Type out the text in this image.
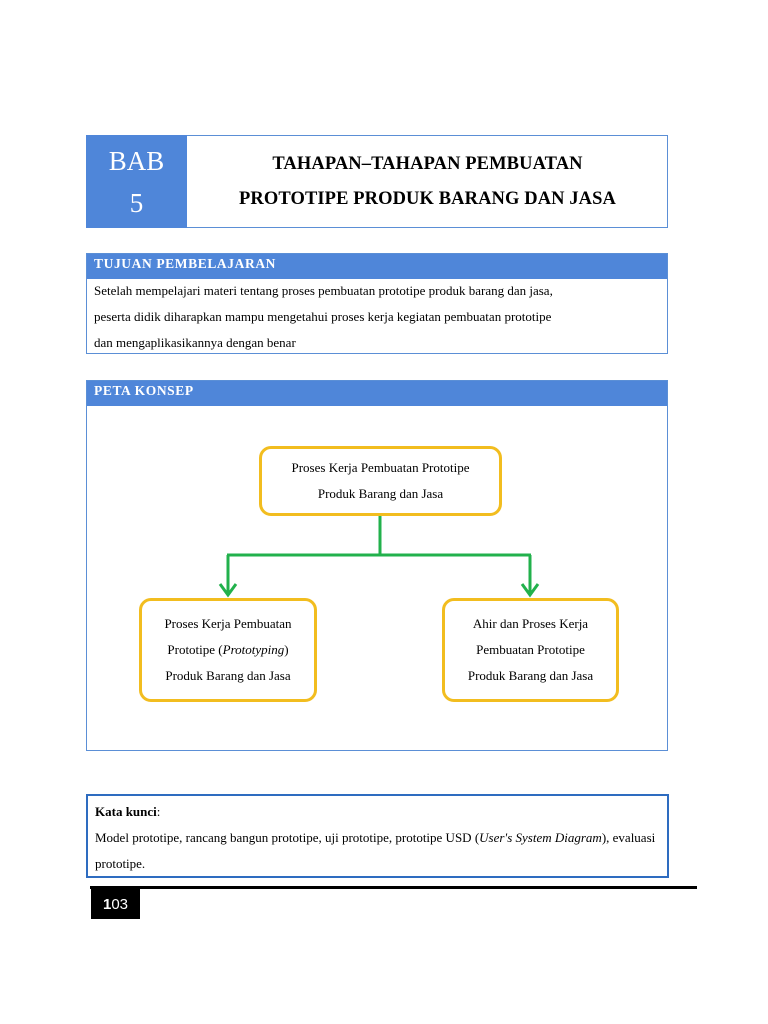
BAB
5
TAHAPAN–TAHAPAN PEMBUATAN
PROTOTIPE PRODUK BARANG DAN JASA
TUJUAN PEMBELAJARAN
Setelah mempelajari materi tentang proses pembuatan prototipe produk barang dan jasa,
peserta didik diharapkan mampu mengetahui proses kerja kegiatan pembuatan prototipe
dan mengaplikasikannya dengan benar
PETA KONSEP
Proses Kerja Pembuatan Prototipe
Produk Barang dan Jasa
Proses Kerja Pembuatan
Prototipe (Prototyping)
Produk Barang dan Jasa
Ahir dan Proses Kerja
Pembuatan Prototipe
Produk Barang dan Jasa
Kata kunci:
Model prototipe, rancang bangun prototipe, uji prototipe, prototipe USD (User's System Diagram), evaluasi prototipe.
1 03
